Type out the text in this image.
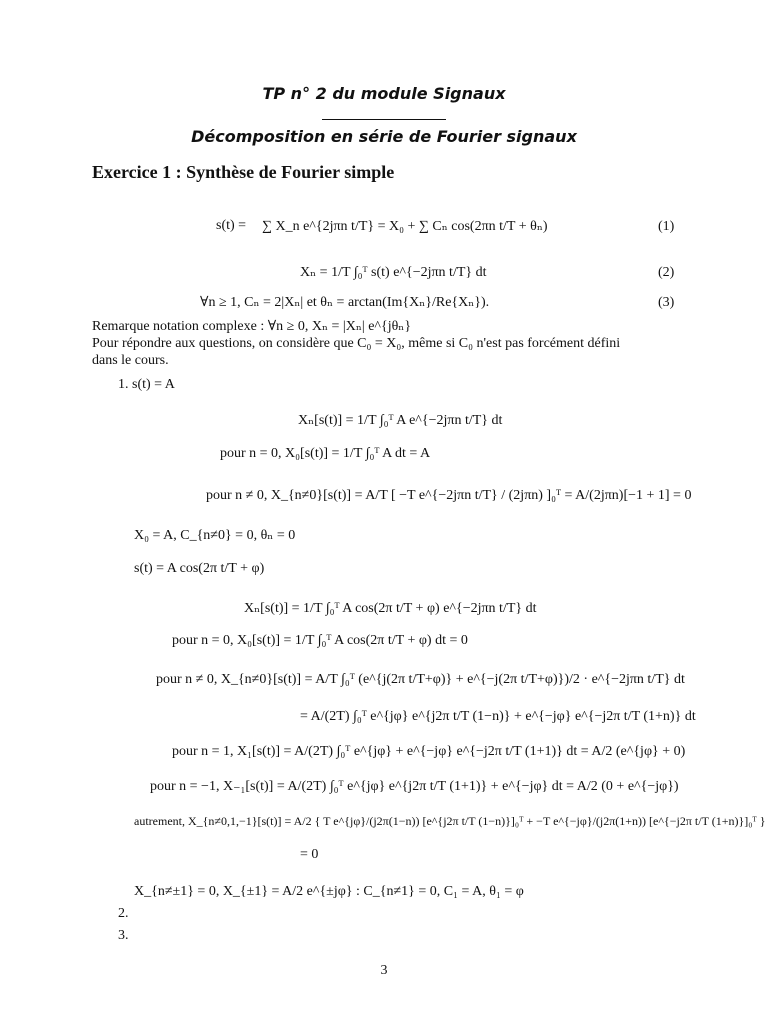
TP n° 2 du module Signaux
Décomposition en série de Fourier signaux
Exercice 1 : Synthèse de Fourier simple
s(t) = ∑ X_n e^{2jπn t/T} = X₀ + ∑ Cₙ cos(2πn t/T + θₙ)	(1)
Xₙ = 1/T ∫₀ᵀ s(t) e^{−2jπn t/T} dt	(2)
∀n ≥ 1, Cₙ = 2|Xₙ| et θₙ = arctan(Im{Xₙ}/Re{Xₙ}).	(3)
Remarque notation complexe : ∀n ≥ 0, Xₙ = |Xₙ| e^{jθₙ}
Pour répondre aux questions, on considère que C₀ = X₀, même si C₀ n'est pas forcément défini
dans le cours.
1. s(t) = A
Xₙ[s(t)] = 1/T ∫₀ᵀ A e^{−2jπn t/T} dt
pour n = 0, X₀[s(t)] = 1/T ∫₀ᵀ A dt = A
pour n ≠ 0, X_{n≠0}[s(t)] = A/T [ −T e^{−2jπn t/T} / (2jπn) ]₀ᵀ = A/(2jπn)[−1 + 1] = 0
X₀ = A, C_{n≠0} = 0, θₙ = 0
s(t) = A cos(2π t/T + φ)
Xₙ[s(t)] = 1/T ∫₀ᵀ A cos(2π t/T + φ) e^{−2jπn t/T} dt
pour n = 0, X₀[s(t)] = 1/T ∫₀ᵀ A cos(2π t/T + φ) dt = 0
pour n ≠ 0, X_{n≠0}[s(t)] = A/T ∫₀ᵀ (e^{j(2π t/T+φ)} + e^{−j(2π t/T+φ)})/2 · e^{−2jπn t/T} dt
= A/(2T) ∫₀ᵀ e^{jφ} e^{j2π t/T (1−n)} + e^{−jφ} e^{−j2π t/T (1+n)} dt
pour n = 1, X₁[s(t)] = A/(2T) ∫₀ᵀ e^{jφ} + e^{−jφ} e^{−j2π t/T (1+1)} dt = A/2 (e^{jφ} + 0)
pour n = −1, X₋₁[s(t)] = A/(2T) ∫₀ᵀ e^{jφ} e^{j2π t/T (1+1)} + e^{−jφ} dt = A/2 (0 + e^{−jφ})
autrement, X_{n≠0,1,−1}[s(t)] = A/2 { T e^{jφ}/(j2π(1−n)) [e^{j2π t/T (1−n)}]₀ᵀ + −T e^{−jφ}/(j2π(1+n)) [e^{−j2π t/T (1+n)}]₀ᵀ }
= 0
X_{n≠±1} = 0, X_{±1} = A/2 e^{±jφ} : C_{n≠1} = 0, C₁ = A, θ₁ = φ
2.
3.
3
